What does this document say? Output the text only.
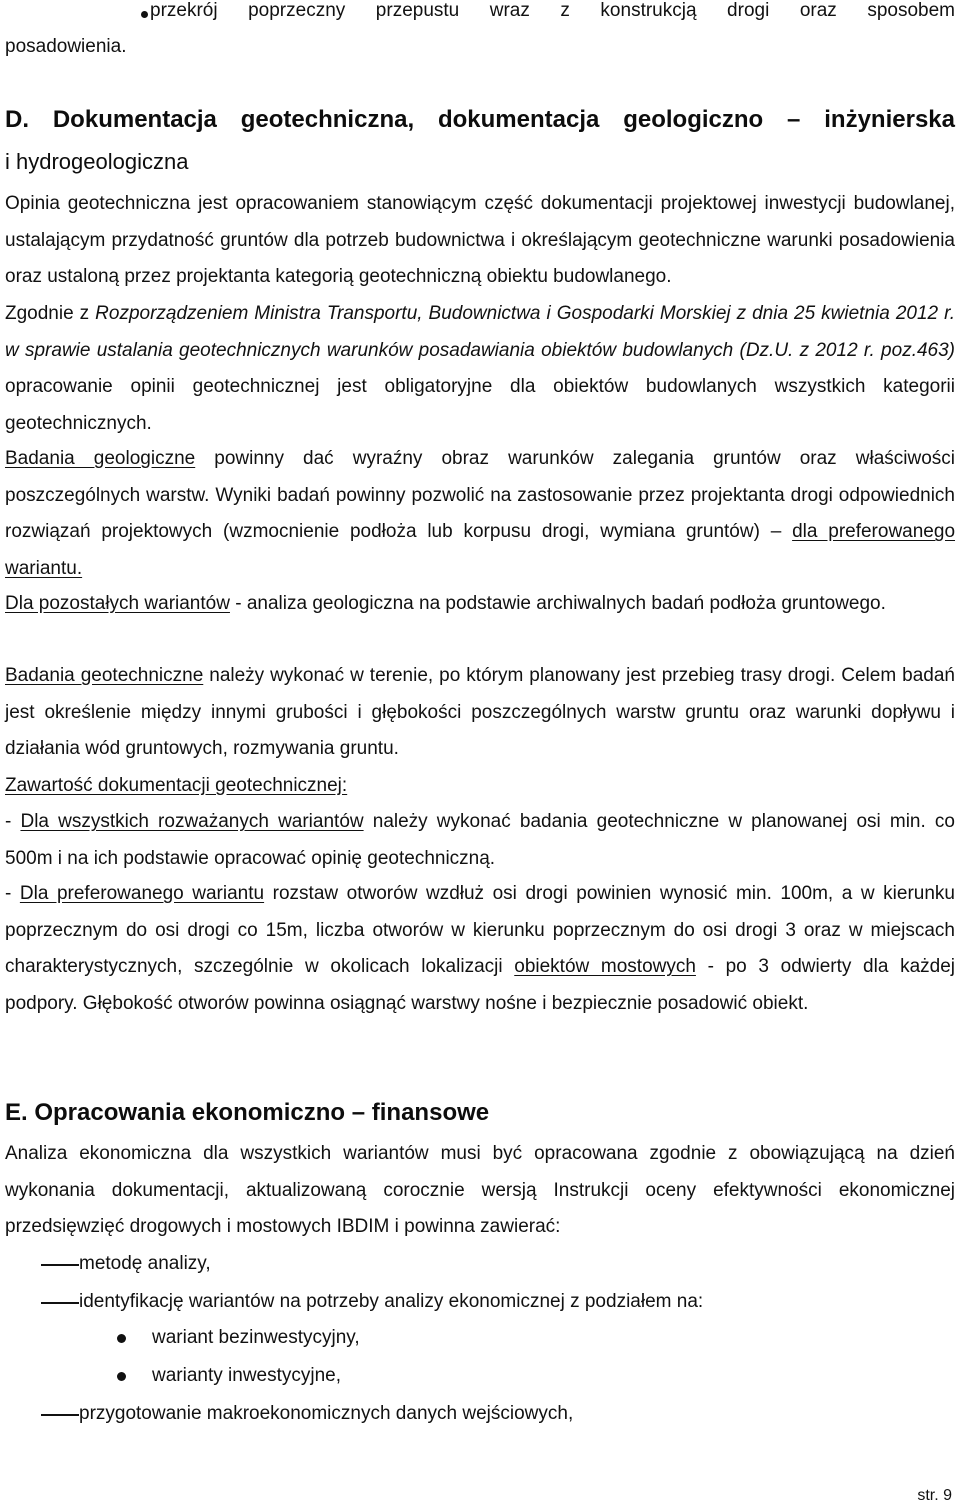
przekrój  poprzeczny  przepustu  wraz  z  konstrukcją  drogi  oraz  sposobem

posadowienia.

D. Dokumentacja geotechniczna, dokumentacja geologiczno – inżynierska
i hydrogeologiczna

Opinia geotechniczna jest opracowaniem stanowiącym część dokumentacji projektowej inwestycji budowlanej, ustalającym przydatność gruntów dla potrzeb budownictwa i określającym geotechniczne warunki posadowienia oraz ustaloną przez projektanta kategorią geotechniczną obiektu budowlanego.

Zgodnie z Rozporządzeniem Ministra Transportu, Budownictwa i Gospodarki Morskiej z dnia 25 kwietnia 2012 r. w sprawie ustalania geotechnicznych warunków posadawiania obiektów budowlanych (Dz.U. z 2012 r. poz.463) opracowanie opinii geotechnicznej jest obligatoryjne dla obiektów budowlanych wszystkich kategorii geotechnicznych.

Badania geologiczne powinny dać wyraźny obraz warunków zalegania gruntów oraz właściwości poszczególnych warstw. Wyniki badań powinny pozwolić na zastosowanie przez projektanta drogi odpowiednich rozwiązań projektowych (wzmocnienie podłoża lub korpusu drogi, wymiana gruntów) – dla preferowanego wariantu.

Dla pozostałych wariantów - analiza geologiczna na podstawie archiwalnych badań podłoża gruntowego.

Badania geotechniczne należy wykonać w terenie, po którym planowany jest przebieg trasy drogi. Celem badań jest określenie między innymi grubości i głębokości poszczególnych warstw gruntu oraz warunki dopływu i działania wód gruntowych, rozmywania gruntu.

Zawartość dokumentacji geotechnicznej:

- Dla wszystkich rozważanych wariantów należy wykonać badania geotechniczne w planowanej osi min. co 500m i na ich podstawie opracować opinię geotechniczną.

- Dla preferowanego wariantu rozstaw otworów wzdłuż osi drogi powinien wynosić min. 100m, a w kierunku poprzecznym do osi drogi co 15m, liczba otworów w kierunku poprzecznym do osi drogi 3 oraz w miejscach charakterystycznych, szczególnie w okolicach lokalizacji obiektów mostowych - po 3 odwierty dla każdej podpory. Głębokość otworów powinna osiągnąć warstwy nośne i bezpiecznie posadowić obiekt.

E. Opracowania ekonomiczno – finansowe

Analiza ekonomiczna dla wszystkich wariantów musi być opracowana zgodnie z obowiązującą na dzień wykonania dokumentacji, aktualizowaną corocznie wersją Instrukcji oceny efektywności ekonomicznej przedsięwzięć drogowych i mostowych IBDIM i powinna zawierać:

metodę analizy,

identyfikację wariantów na potrzeby analizy ekonomicznej z podziałem na:

wariant bezinwestycyjny,

warianty inwestycyjne,

przygotowanie makroekonomicznych danych wejściowych,

str. 9
